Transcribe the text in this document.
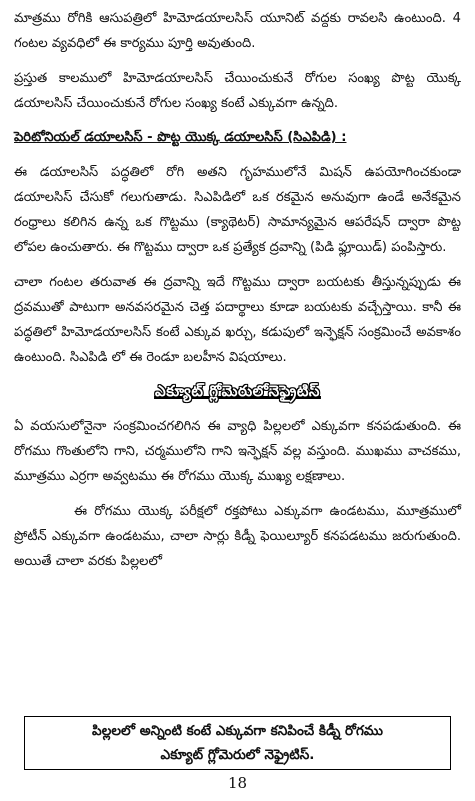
మాత్రము రోగికి ఆసుపత్రిలో హిమోడయాలసిస్ యూనిట్ వద్దకు రావలసి ఉంటుంది. 4 గంటల వ్యవధిలో ఈ కార్యము పూర్తి అవుతుంది.

ప్రస్తుత కాలములో హిమోడయాలసిస్ చేయించుకునే రోగుల సంఖ్య పొట్ట యొక్క డయాలసిస్ చేయించుకునే రోగుల సంఖ్య కంటే ఎక్కువగా ఉన్నది.

పెరిటోనియల్ డయాలసిస్ - పొట్ట యొక్క డయాలసిస్ (సిఎపిడి) :

ఈ డయాలసిస్ పద్ధతిలో రోగి అతని గృహములోనే మిషన్ ఉపయోగించకుండా డయాలసిస్ చేసుకో గలుగుతాడు. సిఎపిడిలో ఒక రకమైన అనువుగా ఉండే అనేకమైన రంధ్రాలు కలిగిన ఉన్న ఒక గొట్టము (క్యాథెటర్) సామాన్యమైన ఆపరేషన్ ద్వారా పొట్ట లోపల ఉంచుతారు. ఈ గొట్టము ద్వారా ఒక ప్రత్యేక ద్రవాన్ని (పిడి ఫ్లూయిడ్) పంపిస్తారు.

చాలా గంటల తరువాత ఈ ద్రవాన్ని ఇదే గొట్టము ద్వారా బయటకు తీస్తున్నప్పుడు ఈ ద్రవముతో పాటుగా అనవసరమైన చెత్త పదార్థాలు కూడా బయటకు వచ్చేస్తాయి. కానీ ఈ పద్ధతిలో హిమోడయాలసిస్ కంటే ఎక్కువ ఖర్చు, కడుపులో ఇన్ఫెక్షన్ సంక్రమించే అవకాశం ఉంటుంది. సిఎపిడి లో ఈ రెండూ బలహీన విషయాలు.

ఎక్యూట్ గ్లోమెరులోనెఫ్రైటిస్

ఏ వయసులోనైనా సంక్రమించగలిగిన ఈ వ్యాధి పిల్లలలో ఎక్కువగా కనపడుతుంది. ఈ రోగము గొంతులోని గాని, చర్మములోని గాని ఇన్ఫెక్షన్ వల్ల వస్తుంది. ముఖము వాచకము, మూత్రము ఎర్రగా అవ్వటము ఈ రోగము యొక్క ముఖ్య లక్షణాలు.

ఈ రోగము యొక్క పరీక్షలో రక్తపోటు ఎక్కువగా ఉండటము, మూత్రములో ప్రోటీన్ ఎక్కువగా ఉండటము, చాలా సార్లు కిడ్నీ ఫెయిల్యూర్ కనపడటము జరుగుతుంది. అయితే చాలా వరకు పిల్లలలో

పిల్లలలో అన్నింటి కంటే ఎక్కువగా కనిపించే కిడ్నీ రోగము
ఎక్యూట్ గ్లోమెరులో నెఫ్రైటిస్.
18
